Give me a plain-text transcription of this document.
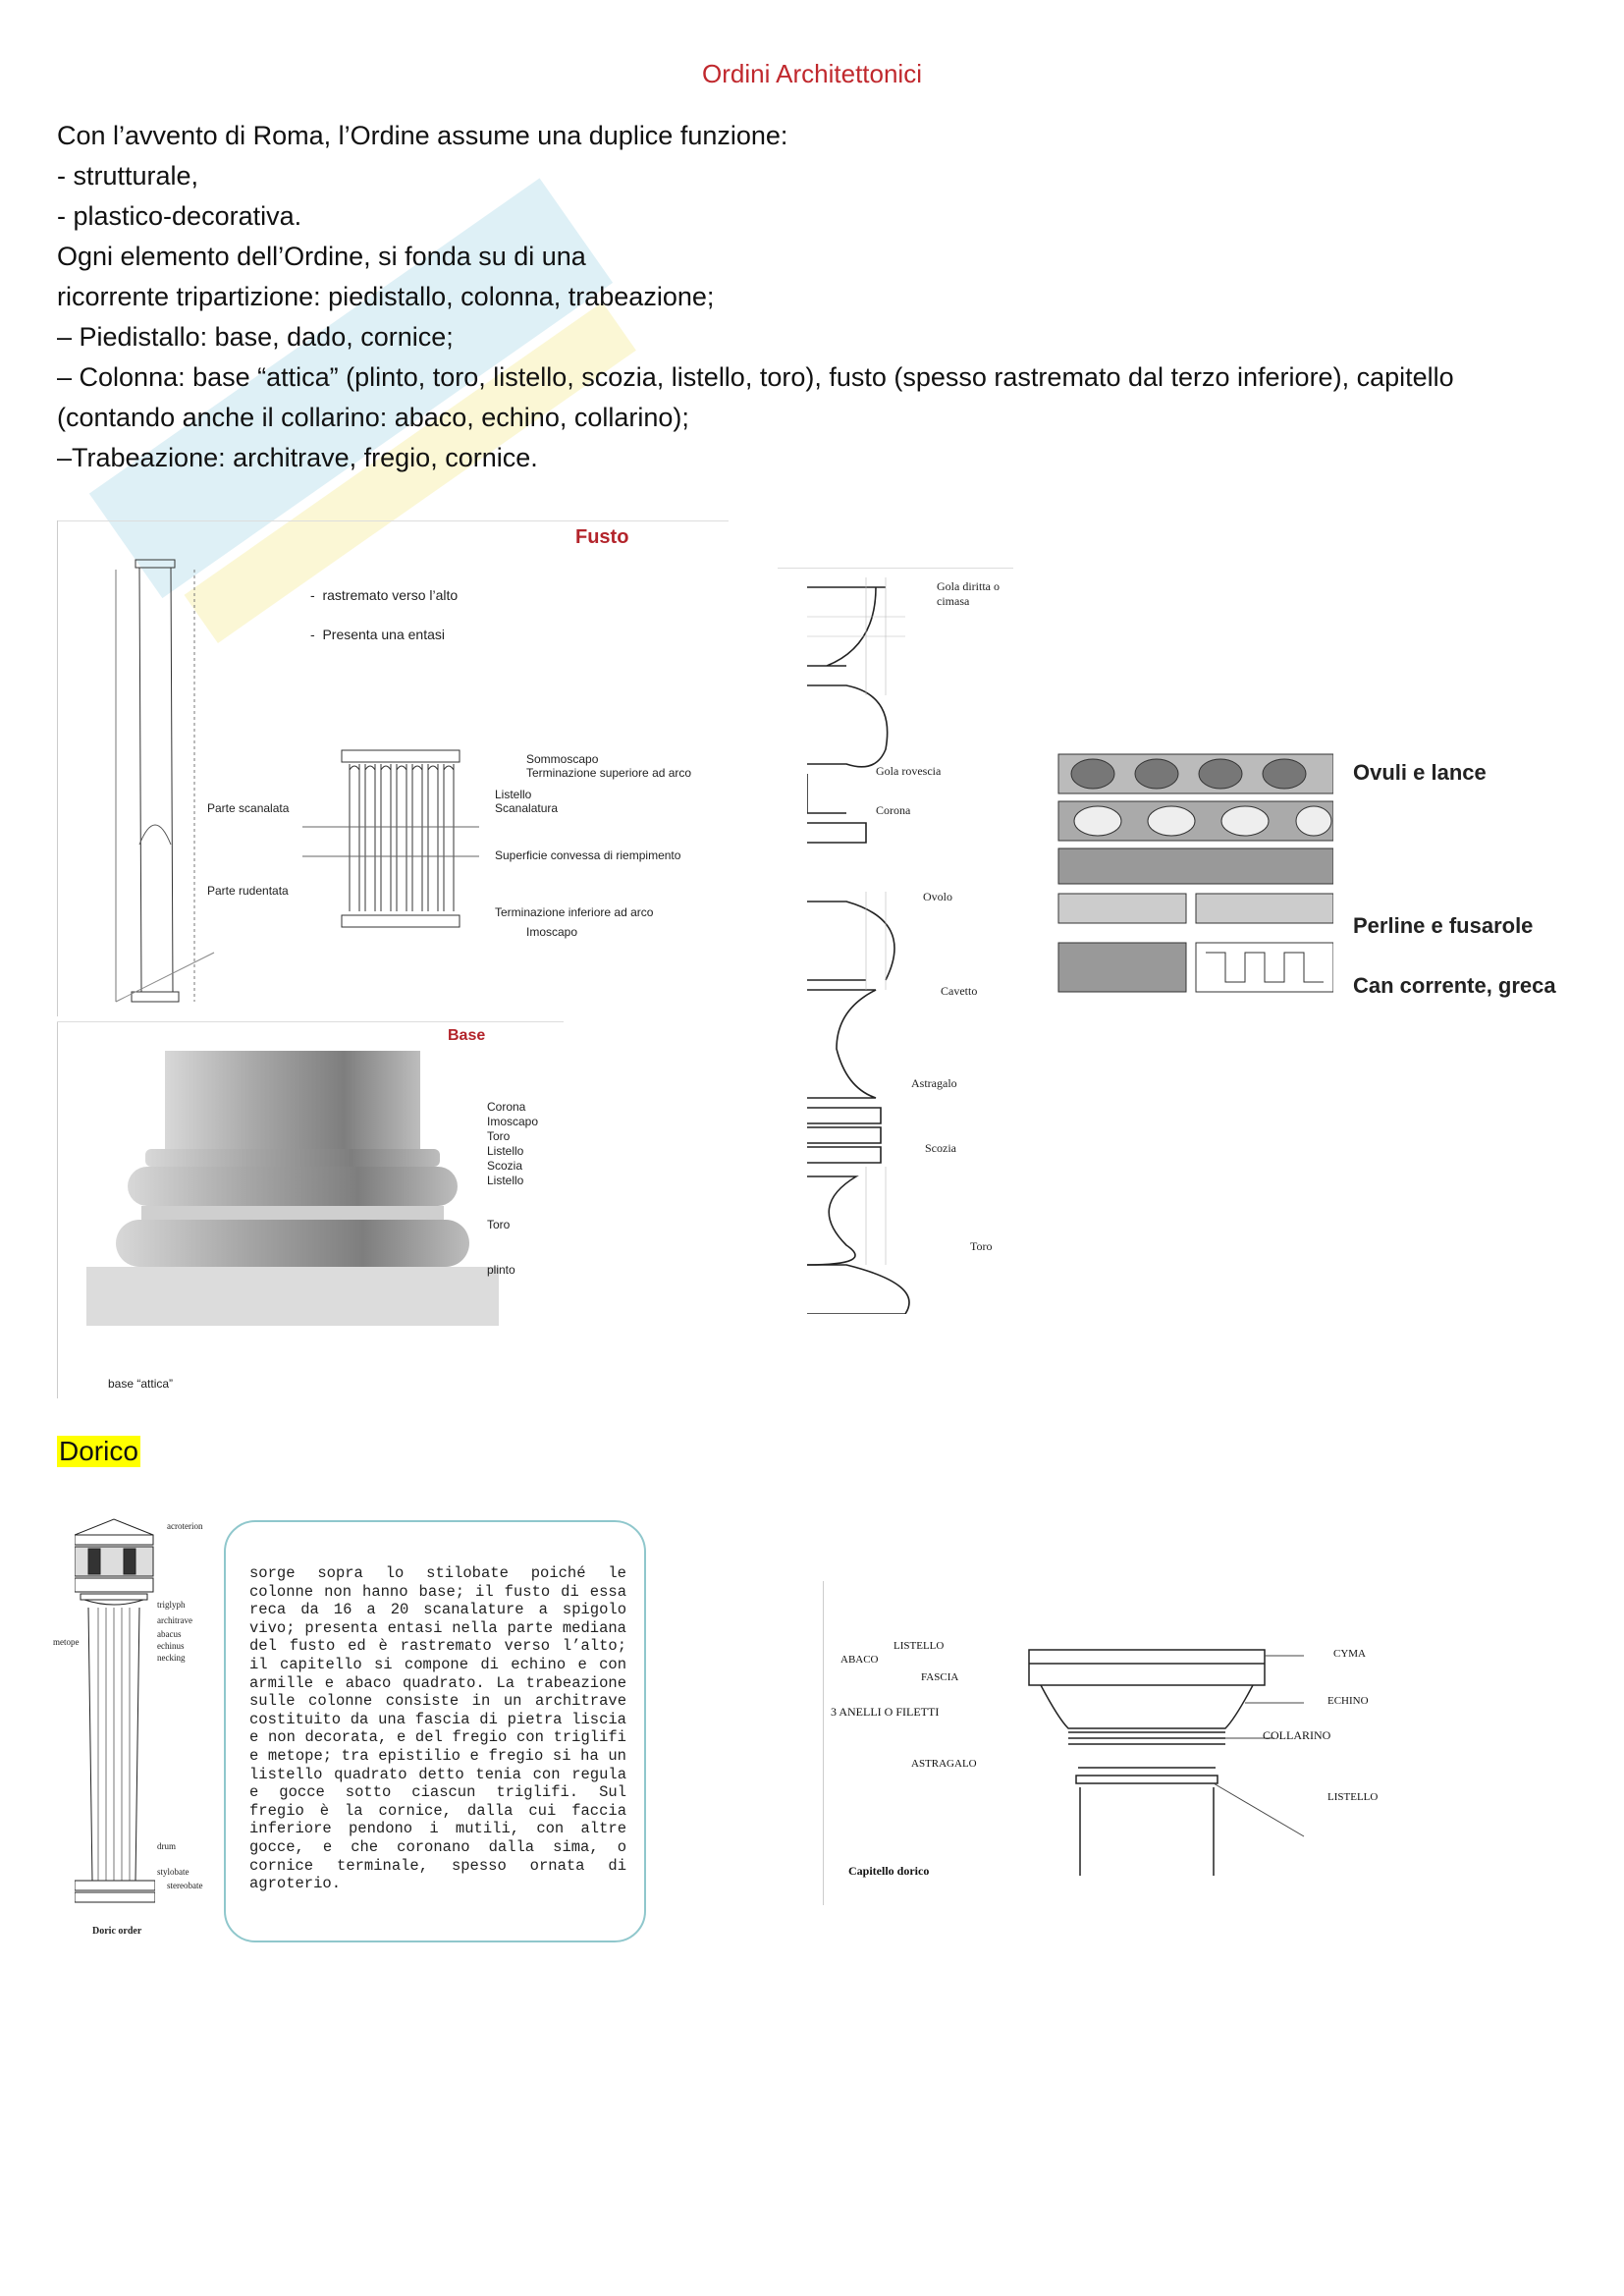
Ordini Architettonici
Con l’avvento di Roma, l’Ordine assume una duplice funzione:
- strutturale,
- plastico-decorativa.
Ogni elemento dell’Ordine, si fonda su di una
ricorrente tripartizione: piedistallo, colonna, trabeazione;
– Piedistallo: base, dado, cornice;
– Colonna: base “attica” (plinto, toro, listello, scozia, listello, toro), fusto (spesso rastremato dal terzo inferiore), capitello
(contando anche il collarino: abaco, echino, collarino);
–Trabeazione: architrave, fregio, cornice.
Fusto
-  rastremato verso l’alto
-  Presenta una entasi
Parte scanalata
Parte rudentata
Sommoscapo
Terminazione superiore ad arco
Listello
Scanalatura
Superficie convessa di riempimento
Terminazione inferiore ad arco
Imoscapo
Base
Corona
Imoscapo
Toro
Listello
Scozia
Listello
Toro
plinto
base “attica”
Gola diritta o cimasa
Gola rovescia
Corona
Ovolo
Cavetto
Astragalo
Scozia
Toro
Ovuli e lance
Perline e fusarole
Can corrente, greca
Dorico
acroterion
triglyph
architrave
abacus
echinus
necking
drum
stylobate
stereobate
metope
Doric order
sorge sopra lo stilobate poiché le colonne non hanno base; il fusto di essa reca da 16 a 20 scanalature a spigolo vivo; presenta entasi nella parte mediana del fusto ed è rastremato verso l’alto; il capitello si compone di echino e con armille e abaco quadrato. La trabeazione sulle colonne consiste in un architrave costituito da una fascia di pietra liscia e non decorata, e del fregio con triglifi e metope; tra epistilio e fregio si ha un listello quadrato detto tenia con regula e gocce sotto ciascun triglifi. Sul fregio è la cornice, dalla cui faccia inferiore pendono i mutili, con altre gocce, e che coronano dalla sima, o cornice terminale, spesso ornata di agroterio.
ABACO
LISTELLO
FASCIA
3 ANELLI O FILETTI
ASTRAGALO
CYMA
ECHINO
COLLARINO
LISTELLO
Capitello dorico
